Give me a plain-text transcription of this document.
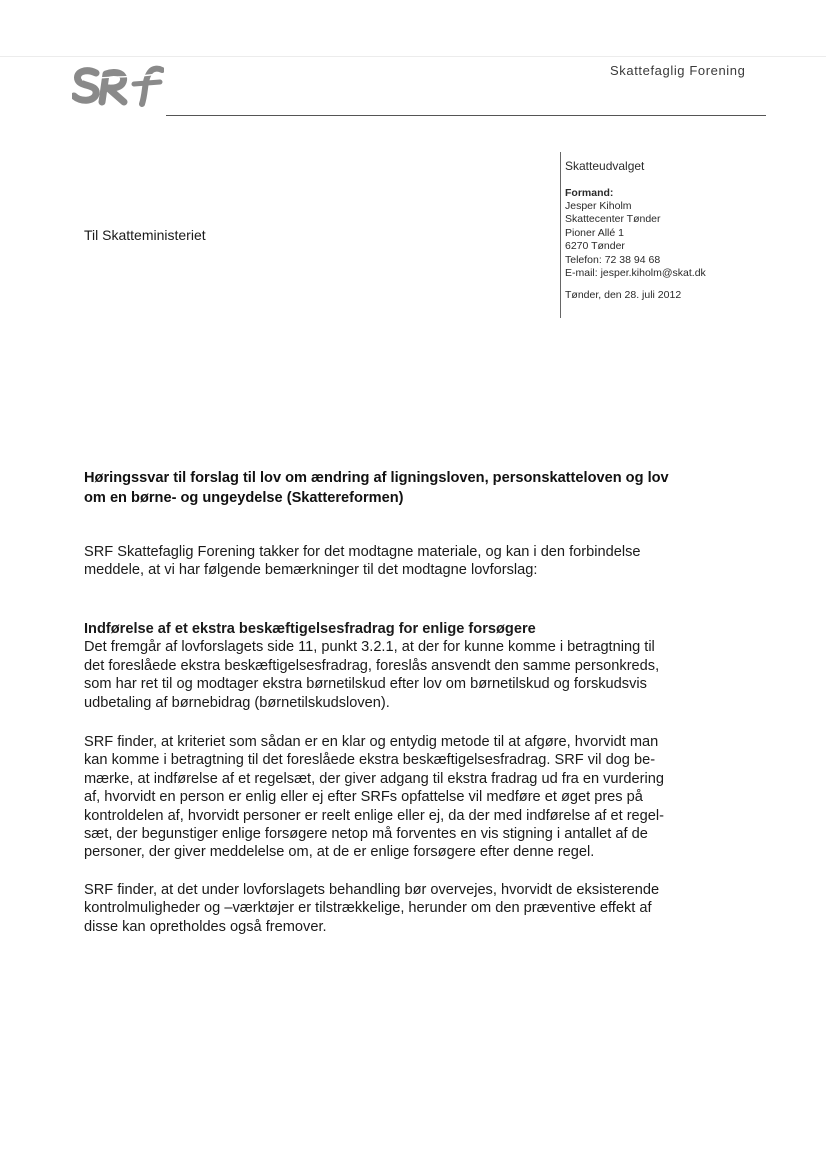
Skattefaglig Forening
Skatteudvalget
Formand:
Jesper Kiholm
Skattecenter Tønder
Pioner Allé 1
6270 Tønder
Telefon: 72 38 94 68
E-mail: jesper.kiholm@skat.dk
Tønder, den 28. juli 2012
Til Skatteministeriet
Høringssvar til forslag til lov om ændring af ligningsloven, personskatteloven og lov
om en børne- og ungeydelse (Skattereformen)
SRF Skattefaglig Forening takker for det modtagne materiale, og kan i den forbindelse
meddele, at vi har følgende bemærkninger til det modtagne lovforslag:
Indførelse af et ekstra beskæftigelsesfradrag for enlige forsøgere
Det fremgår af lovforslagets side 11, punkt 3.2.1, at der for kunne komme i betragtning til
det foreslåede ekstra beskæftigelsesfradrag, foreslås ansvendt den samme personkreds,
som har ret til og modtager ekstra børnetilskud efter lov om børnetilskud og forskudsvis
udbetaling af børnebidrag (børnetilskudsloven).
SRF finder, at kriteriet som sådan er en klar og entydig metode til at afgøre, hvorvidt man
kan komme i betragtning til det foreslåede ekstra beskæftigelsesfradrag. SRF vil dog be-
mærke, at indførelse af et regelsæt, der giver adgang til ekstra fradrag ud fra en vurdering
af, hvorvidt en person er enlig eller ej efter SRFs opfattelse vil medføre et øget pres på
kontroldelen af, hvorvidt personer er reelt enlige eller ej, da der med indførelse af et regel-
sæt, der begunstiger enlige forsøgere netop må forventes en vis stigning i antallet af de
personer, der giver meddelelse om, at de er enlige forsøgere efter denne regel.
SRF finder, at det under lovforslagets behandling bør overvejes, hvorvidt de eksisterende
kontrolmuligheder og –værktøjer er tilstrækkelige, herunder om den præventive effekt af
disse kan opretholdes også fremover.
